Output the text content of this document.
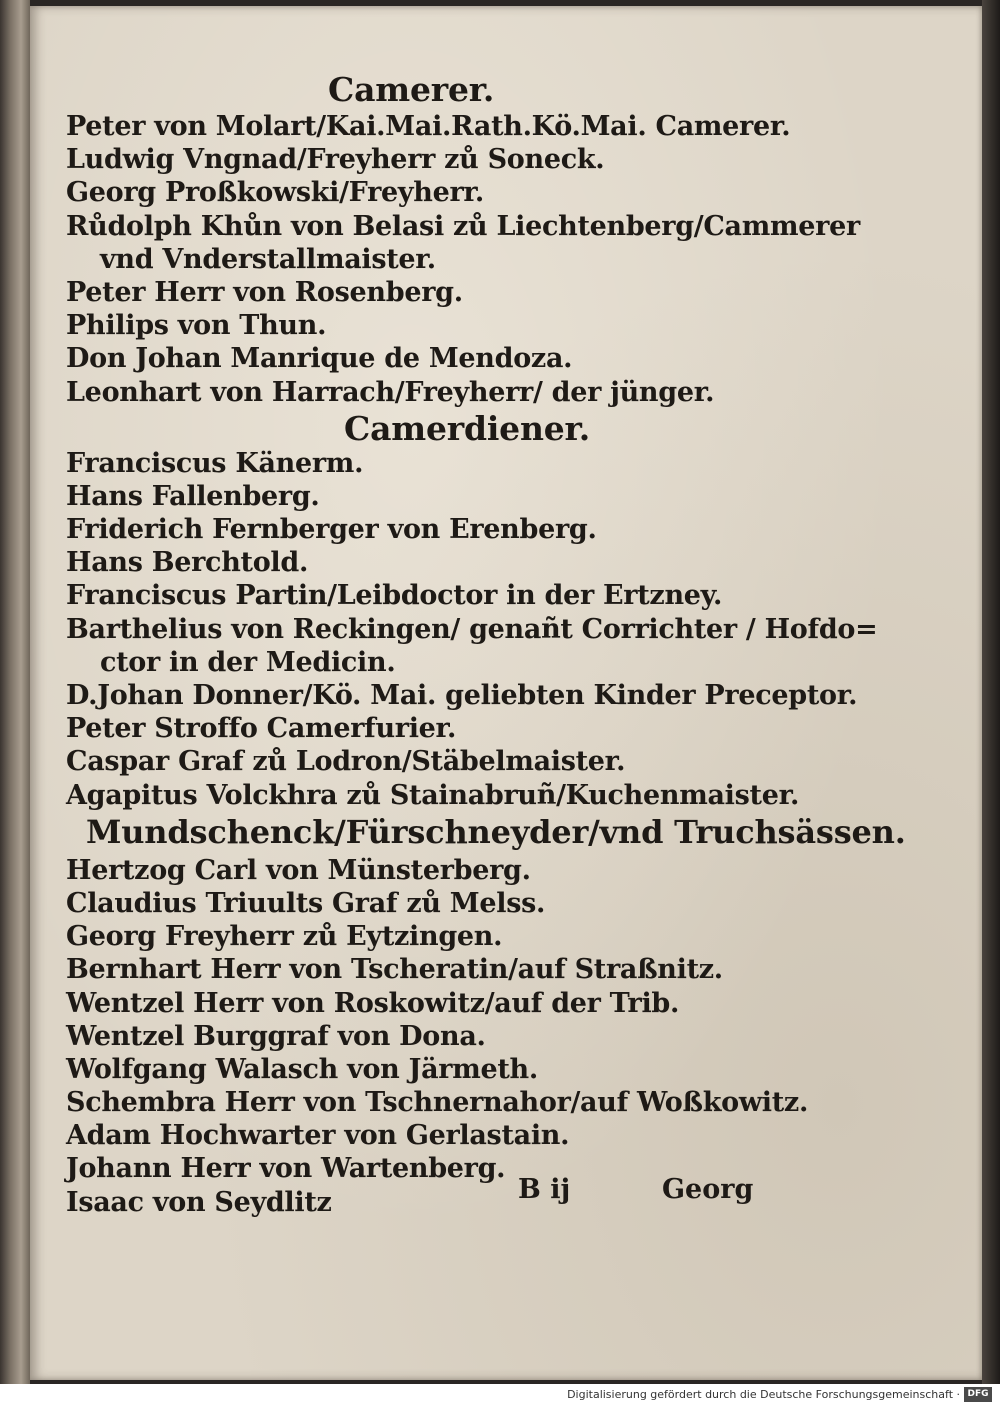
Camerer.
Peter von Molart/Kai.Mai.Rath.Kö.Mai. Camerer.
Ludwig Vngnad/Freyherr zů Soneck.
Georg Proßkowski/Freyherr.
Růdolph Khůn von Belasi zů Liechtenberg/Cammerer
vnd Vnderstallmaister.
Peter Herr von Rosenberg.
Philips von Thun.
Don Johan Manrique de Mendoza.
Leonhart von Harrach/Freyherr/ der jünger.
Camerdiener.
Franciscus Känerm.
Hans Fallenberg.
Friderich Fernberger von Erenberg.
Hans Berchtold.
Franciscus Partin/Leibdoctor in der Ertzney.
Barthelius von Reckingen/ genañt Corrichter / Hofdo=
ctor in der Medicin.
D.Johan Donner/Kö. Mai. geliebten Kinder Preceptor.
Peter Stroffo Camerfurier.
Caspar Graf zů Lodron/Stäbelmaister.
Agapitus Volckhra zů Stainabruñ/Kuchenmaister.
Mundschenck/Fürschneyder/vnd Truchsässen.
Hertzog Carl von Münsterberg.
Claudius Triuults Graf zů Melss.
Georg Freyherr zů Eytzingen.
Bernhart Herr von Tscheratin/auf Straßnitz.
Wentzel Herr von Roskowitz/auf der Trib.
Wentzel Burggraf von Dona.
Wolfgang Walasch von Järmeth.
Schembra Herr von Tschnernahor/auf Woßkowitz.
Adam Hochwarter von Gerlastain.
Johann Herr von Wartenberg.
Isaac von Seydlitz	B ij	Georg
Digitalisierung gefördert durch die Deutsche Forschungsgemeinschaft · DFG
